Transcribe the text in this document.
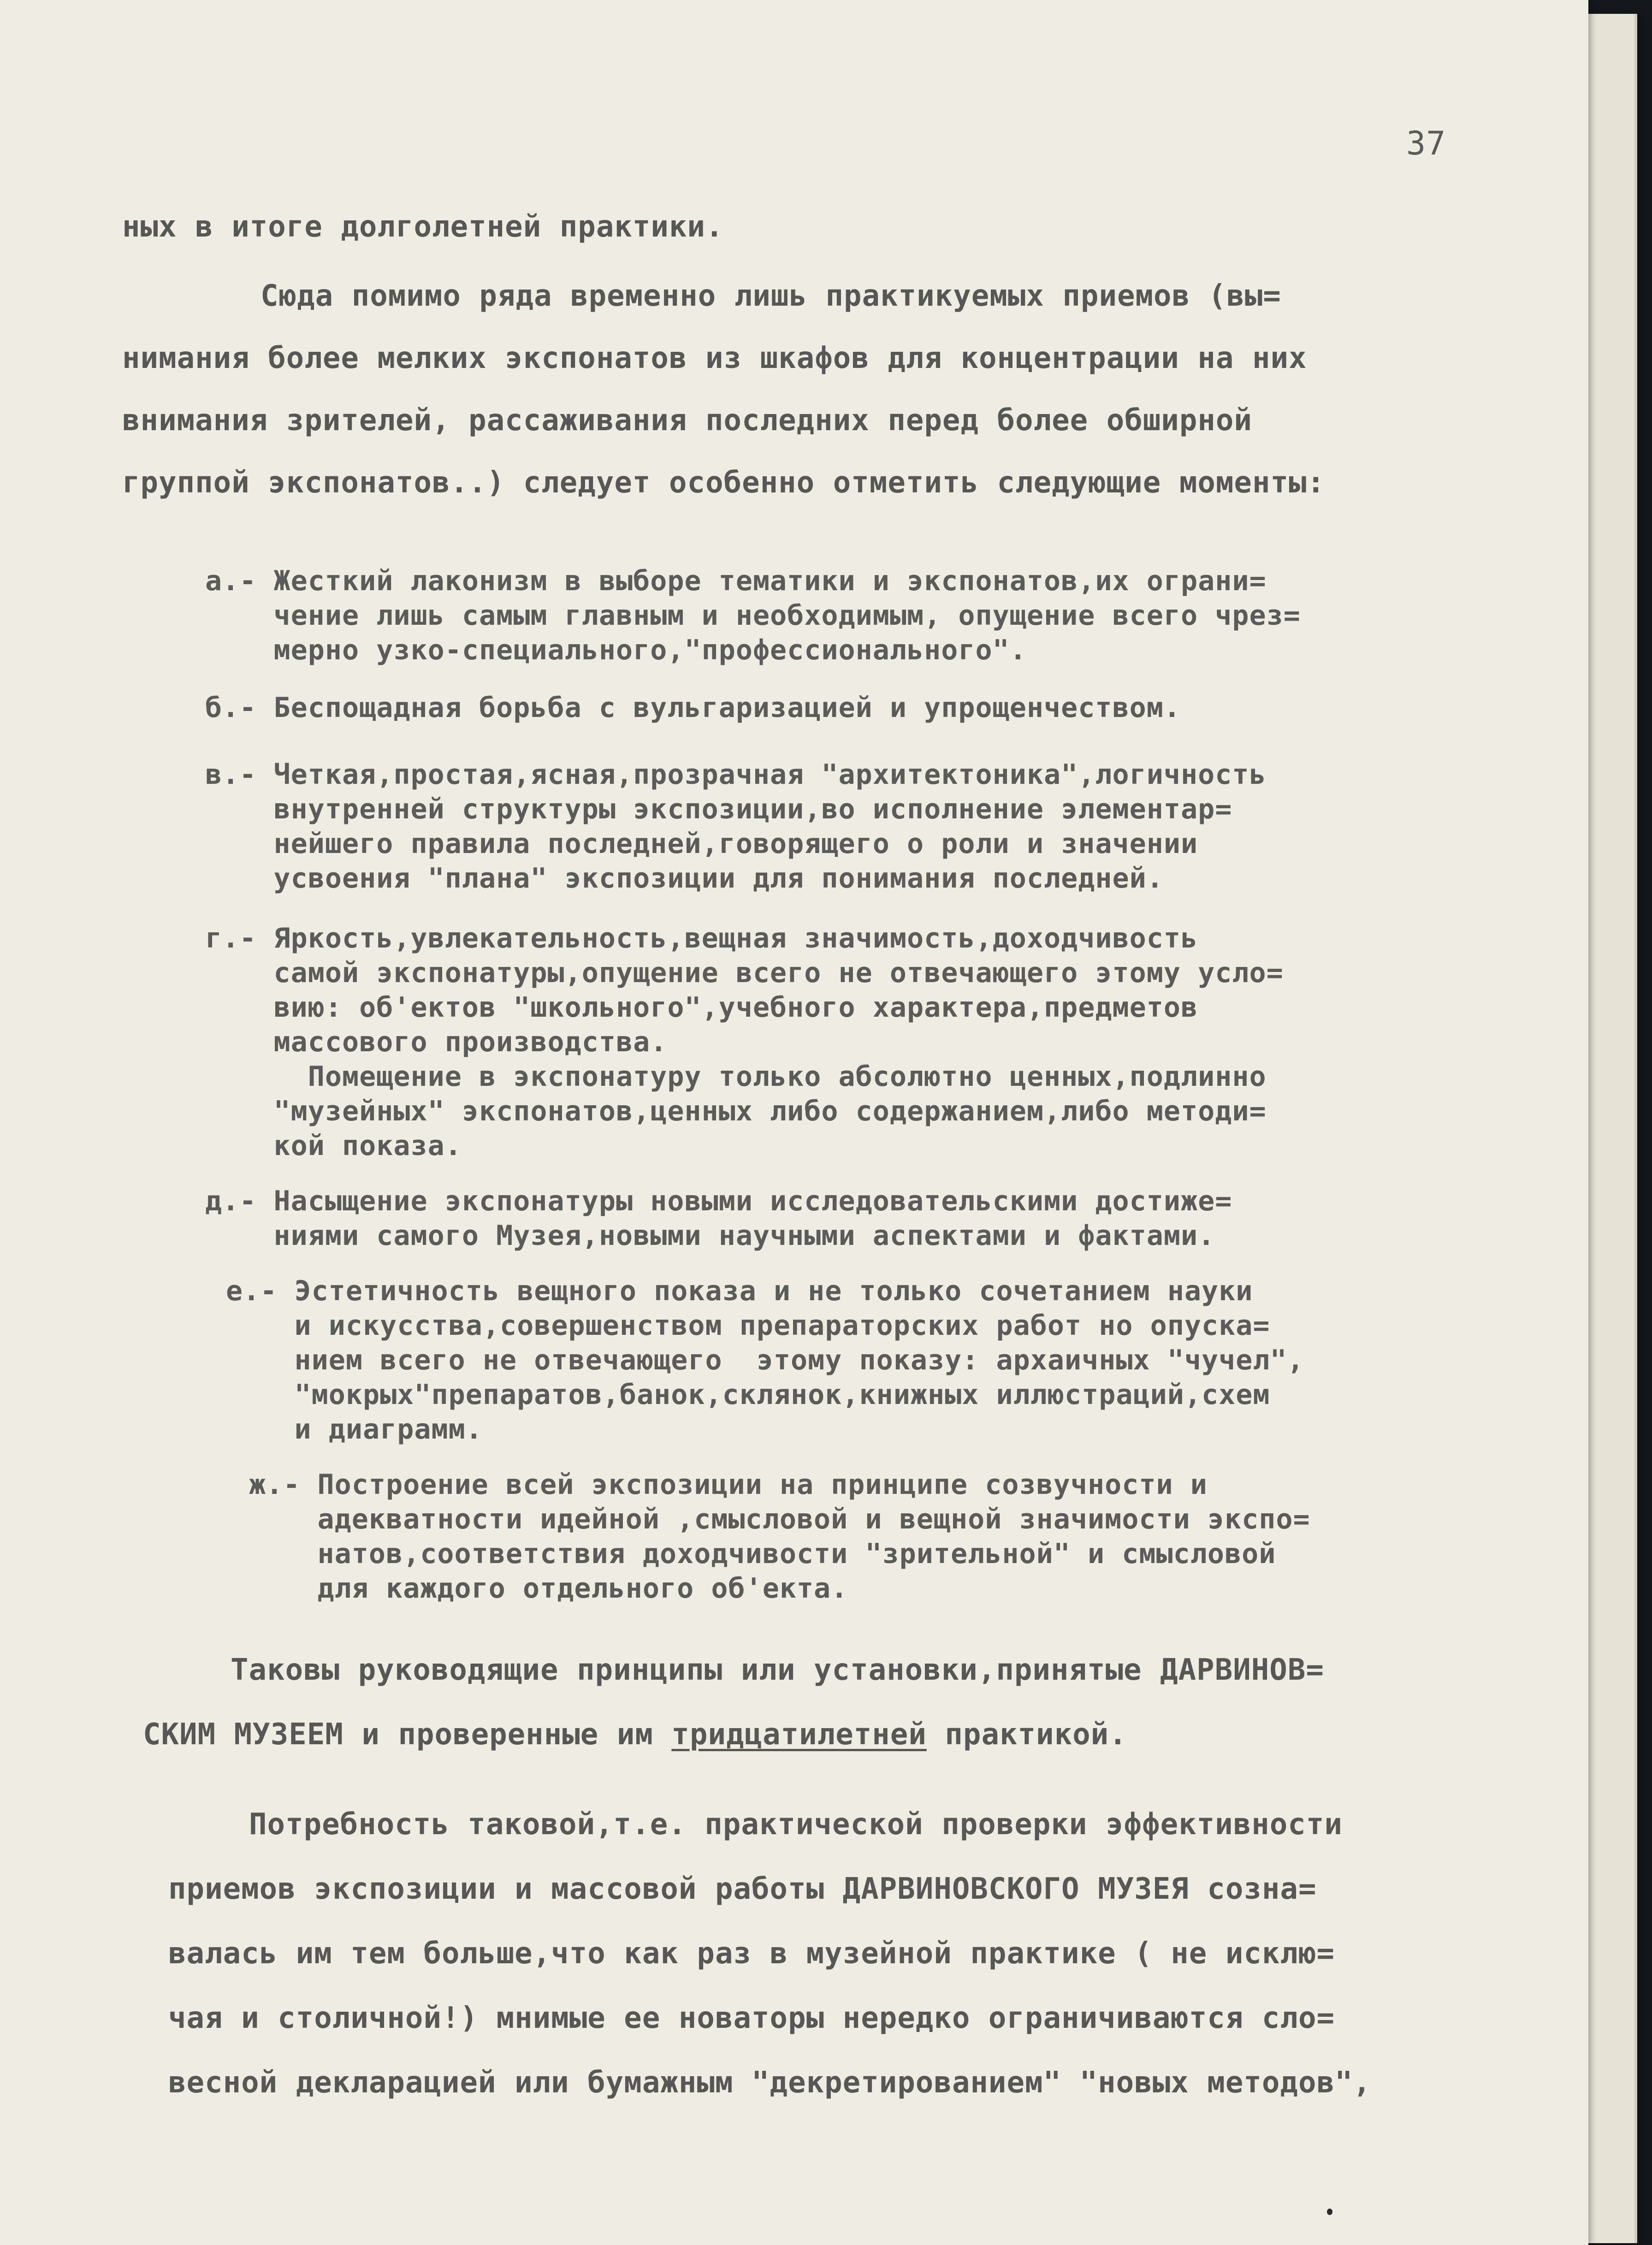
37
ных в итоге долголетней практики.
Сюда помимо ряда временно лишь практикуемых приемов (вы=
нимания более мелких экспонатов из шкафов для концентрации на них
внимания зрителей, рассаживания последних перед более обширной
группой экспонатов..) следует особенно отметить следующие моменты:
а.- Жесткий лаконизм в выборе тематики и экспонатов,их ограни=
чение лишь самым главным и необходимым, опущение всего чрез=
мерно узко-специального,"профессионального".
б.- Беспощадная борьба с вульгаризацией и упрощенчеством.
в.- Четкая,простая,ясная,прозрачная "архитектоника",логичность
внутренней структуры экспозиции,во исполнение элементар=
нейшего правила последней,говорящего о роли и значении
усвоения "плана" экспозиции для понимания последней.
г.- Яркость,увлекательность,вещная значимость,доходчивость
самой экспонатуры,опущение всего не отвечающего этому усло=
вию: об'ектов "школьного",учебного характера,предметов
массового производства.
Помещение в экспонатуру только абсолютно ценных,подлинно
"музейных" экспонатов,ценных либо содержанием,либо методи=
кой показа.
д.- Насыщение экспонатуры новыми исследовательскими достиже=
ниями самого Музея,новыми научными аспектами и фактами.
е.- Эстетичность вещного показа и не только сочетанием науки
и искусства,совершенством препараторских работ но опуска=
нием всего не отвечающего  этому показу: архаичных "чучел",
"мокрых"препаратов,банок,склянок,книжных иллюстраций,схем
и диаграмм.
ж.- Построение всей экспозиции на принципе созвучности и
адекватности идейной ,смысловой и вещной значимости экспо=
натов,соответствия доходчивости "зрительной" и смысловой
для каждого отдельного об'екта.
Таковы руководящие принципы или установки,принятые ДАРВИНОВ=
СКИМ МУЗЕЕМ и проверенные им тридцатилетней практикой.
Потребность таковой,т.е. практической проверки эффективности
приемов экспозиции и массовой работы ДАРВИНОВСКОГО МУЗЕЯ созна=
валась им тем больше,что как раз в музейной практике ( не исклю=
чая и столичной!) мнимые ее новаторы нередко ограничиваются сло=
весной декларацией или бумажным "декретированием" "новых методов",
